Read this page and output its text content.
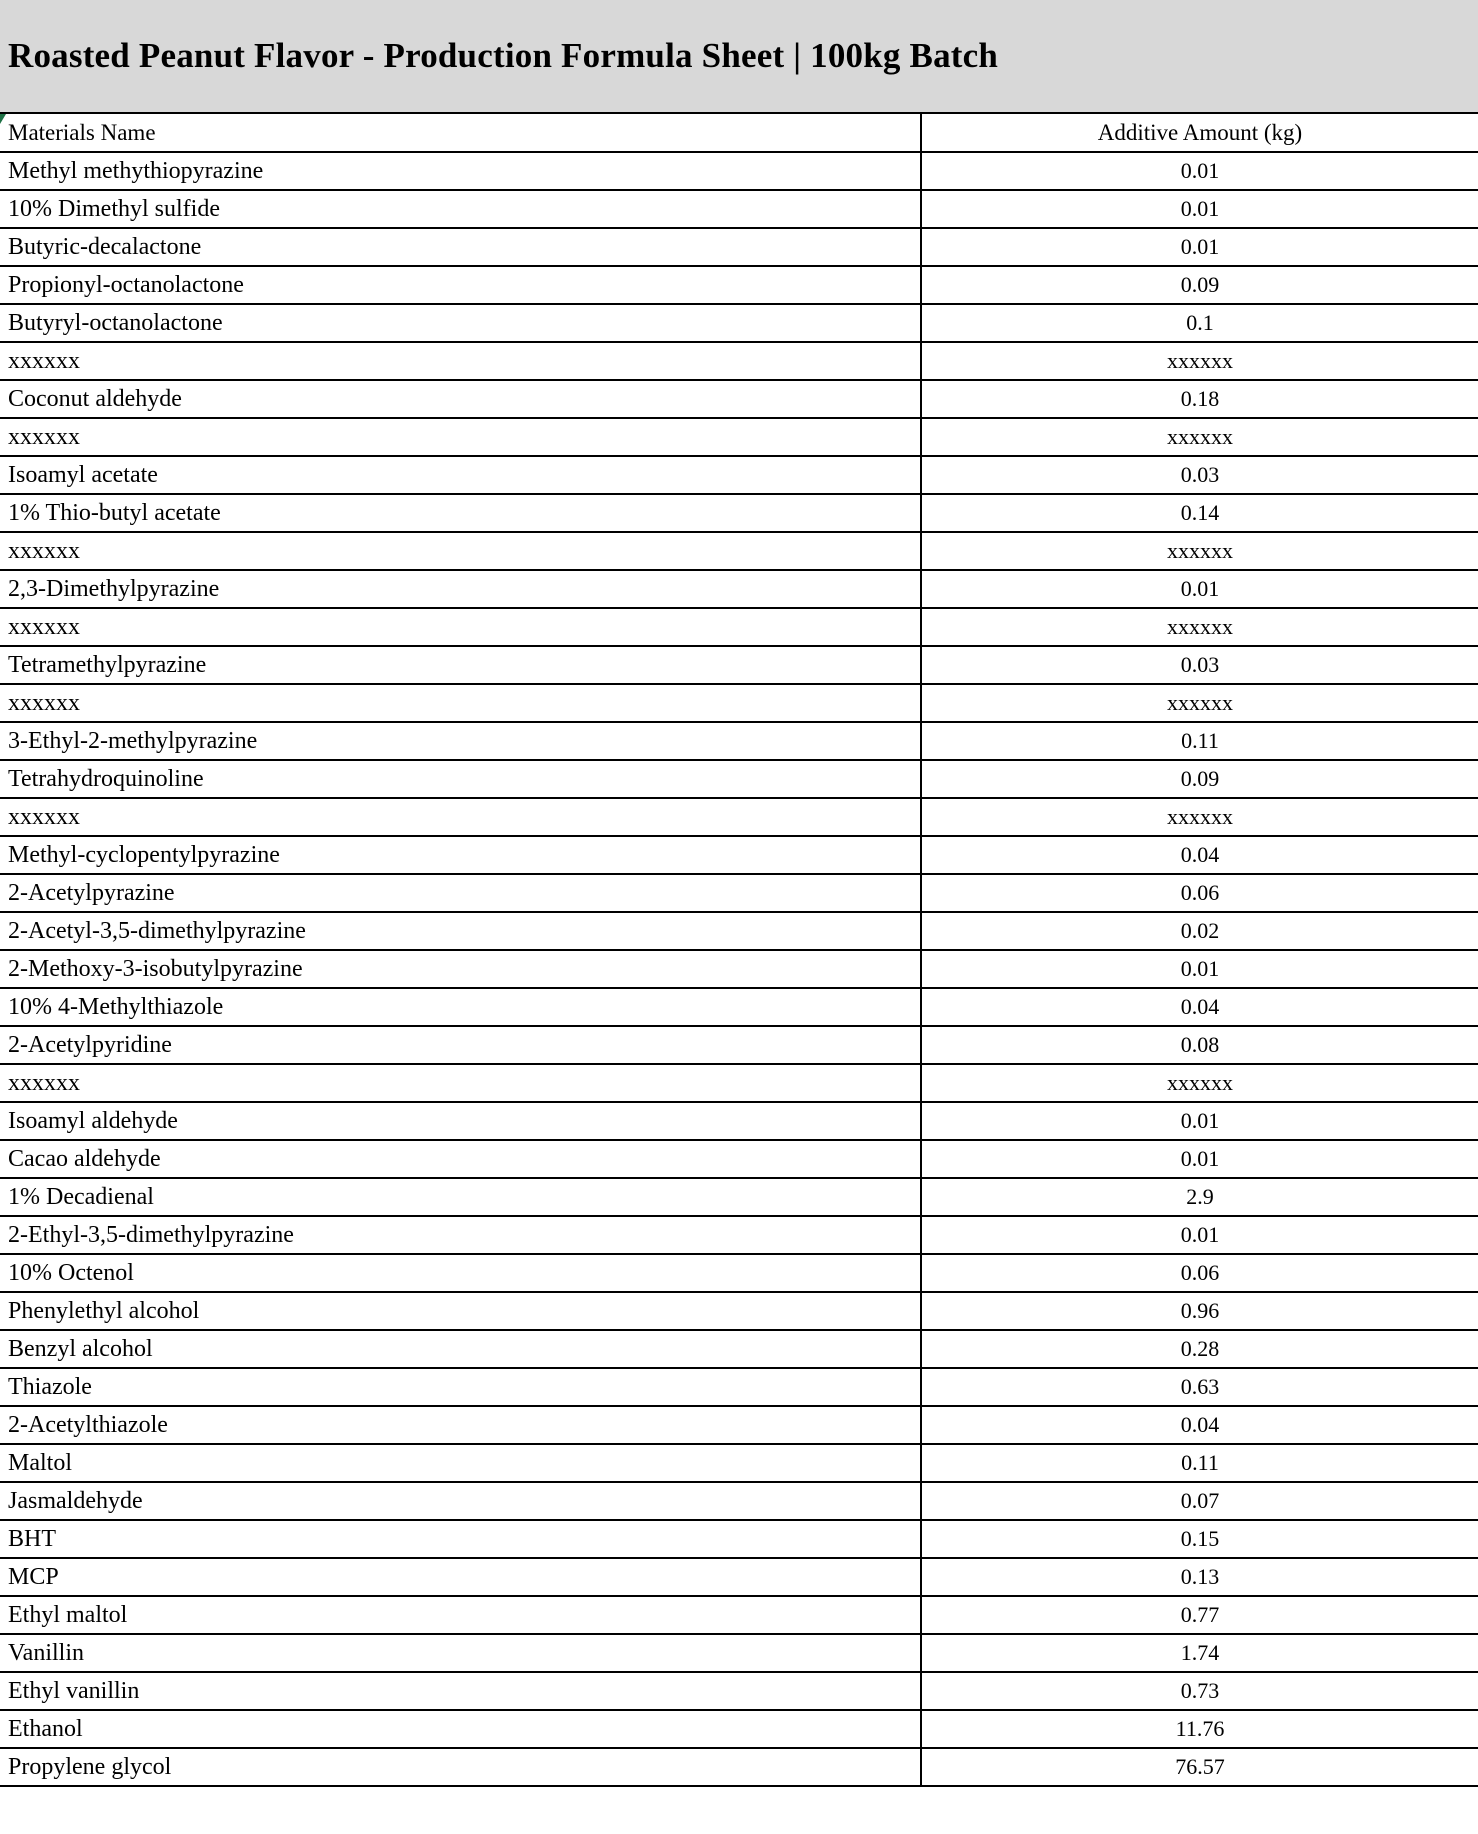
Roasted Peanut Flavor - Production Formula Sheet | 100kg Batch
Materials Name	Additive Amount (kg)
Methyl methythiopyrazine	0.01
10% Dimethyl sulfide	0.01
Butyric-decalactone	0.01
Propionyl-octanolactone	0.09
Butyryl-octanolactone	0.1
xxxxxx	xxxxxx
Coconut aldehyde	0.18
xxxxxx	xxxxxx
Isoamyl acetate	0.03
1% Thio-butyl acetate	0.14
xxxxxx	xxxxxx
2,3-Dimethylpyrazine	0.01
xxxxxx	xxxxxx
Tetramethylpyrazine	0.03
xxxxxx	xxxxxx
3-Ethyl-2-methylpyrazine	0.11
Tetrahydroquinoline	0.09
xxxxxx	xxxxxx
Methyl-cyclopentylpyrazine	0.04
2-Acetylpyrazine	0.06
2-Acetyl-3,5-dimethylpyrazine	0.02
2-Methoxy-3-isobutylpyrazine	0.01
10% 4-Methylthiazole	0.04
2-Acetylpyridine	0.08
xxxxxx	xxxxxx
Isoamyl aldehyde	0.01
Cacao aldehyde	0.01
1% Decadienal	2.9
2-Ethyl-3,5-dimethylpyrazine	0.01
10% Octenol	0.06
Phenylethyl alcohol	0.96
Benzyl alcohol	0.28
Thiazole	0.63
2-Acetylthiazole	0.04
Maltol	0.11
Jasmaldehyde	0.07
BHT	0.15
MCP	0.13
Ethyl maltol	0.77
Vanillin	1.74
Ethyl vanillin	0.73
Ethanol	11.76
Propylene glycol	76.57
